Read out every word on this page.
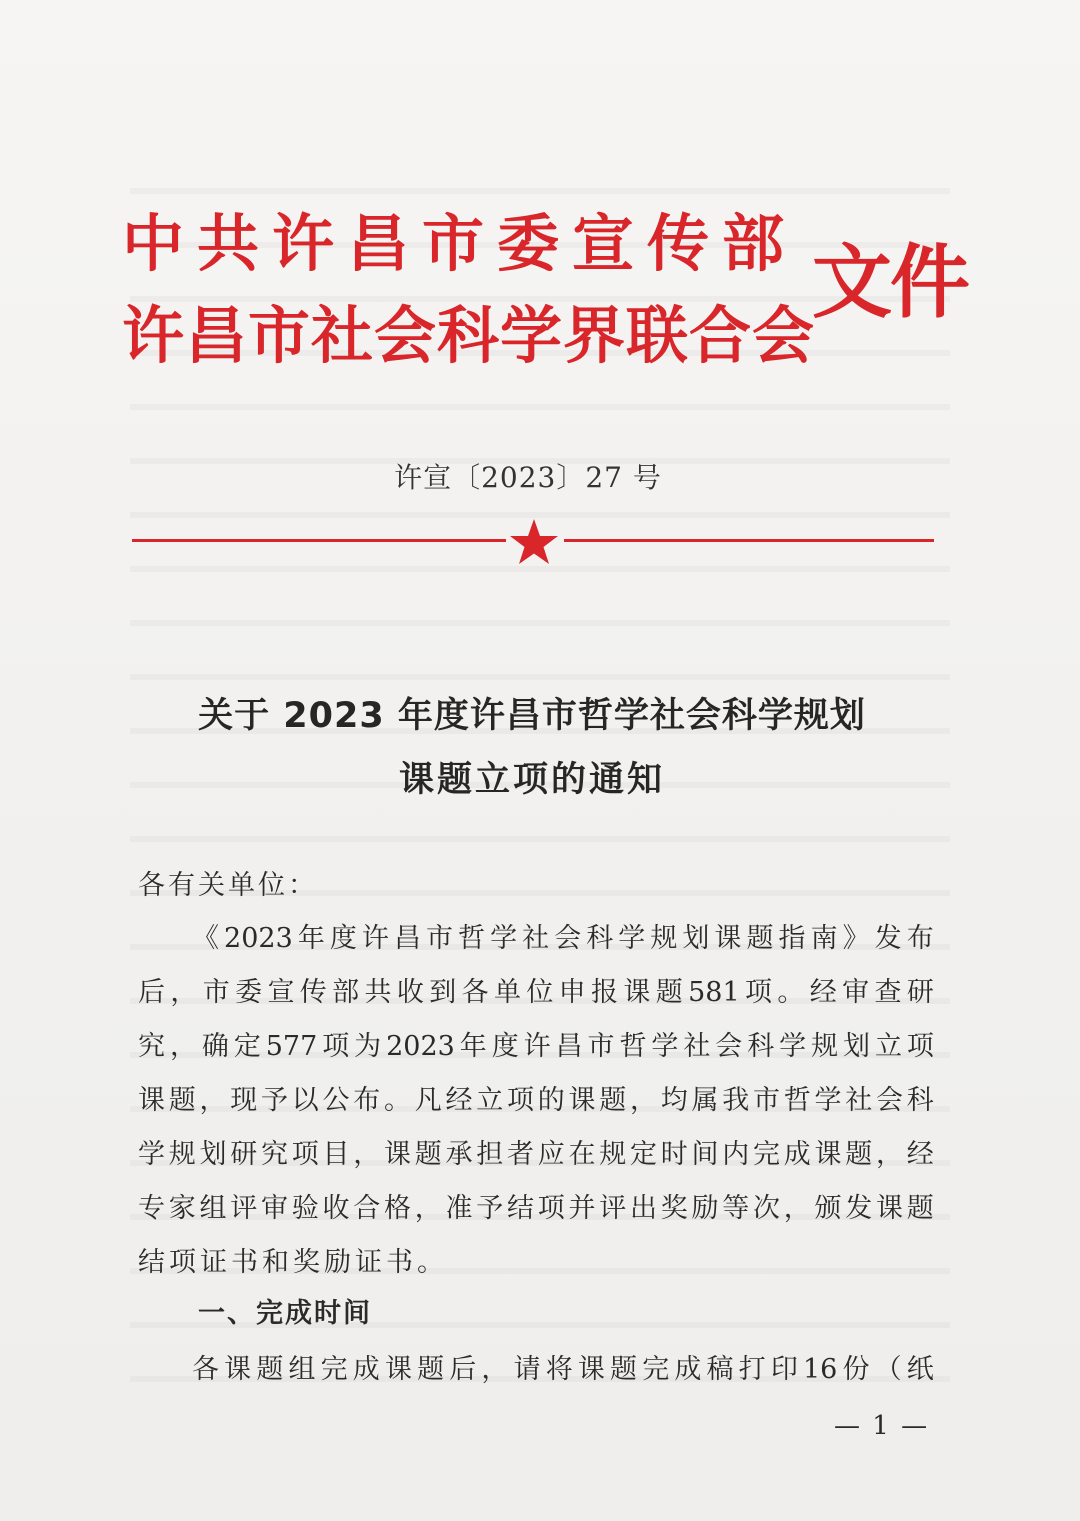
中共许昌市委宣传部
许昌市社会科学界联合会
文件
许宣〔2023〕27 号
关于 2023 年度许昌市哲学社会科学规划
课题立项的通知
各有关单位：
《 2023 年 度 许 昌 市 哲 学 社 会 科 学 规 划 课 题 指 南 》 发 布
后 ， 市 委 宣 传 部 共 收 到 各 单 位 申 报 课 题 581 项 。 经 审 查 研
究 ， 确 定 577 项 为 2023 年 度 许 昌 市 哲 学 社 会 科 学 规 划 立 项
课 题 ， 现 予 以 公 布 。 凡 经 立 项 的 课 题 ， 均 属 我 市 哲 学 社 会 科
学 规 划 研 究 项 目 ， 课 题 承 担 者 应 在 规 定 时 间 内 完 成 课 题 ， 经
专 家 组 评 审 验 收 合 格 ， 准 予 结 项 并 评 出 奖 励 等 次 ， 颁 发 课 题
结项证书和奖励证书。
一、完成时间
各 课 题 组 完 成 课 题 后 ， 请 将 课 题 完 成 稿 打 印 16 份 （ 纸
— 1 —
